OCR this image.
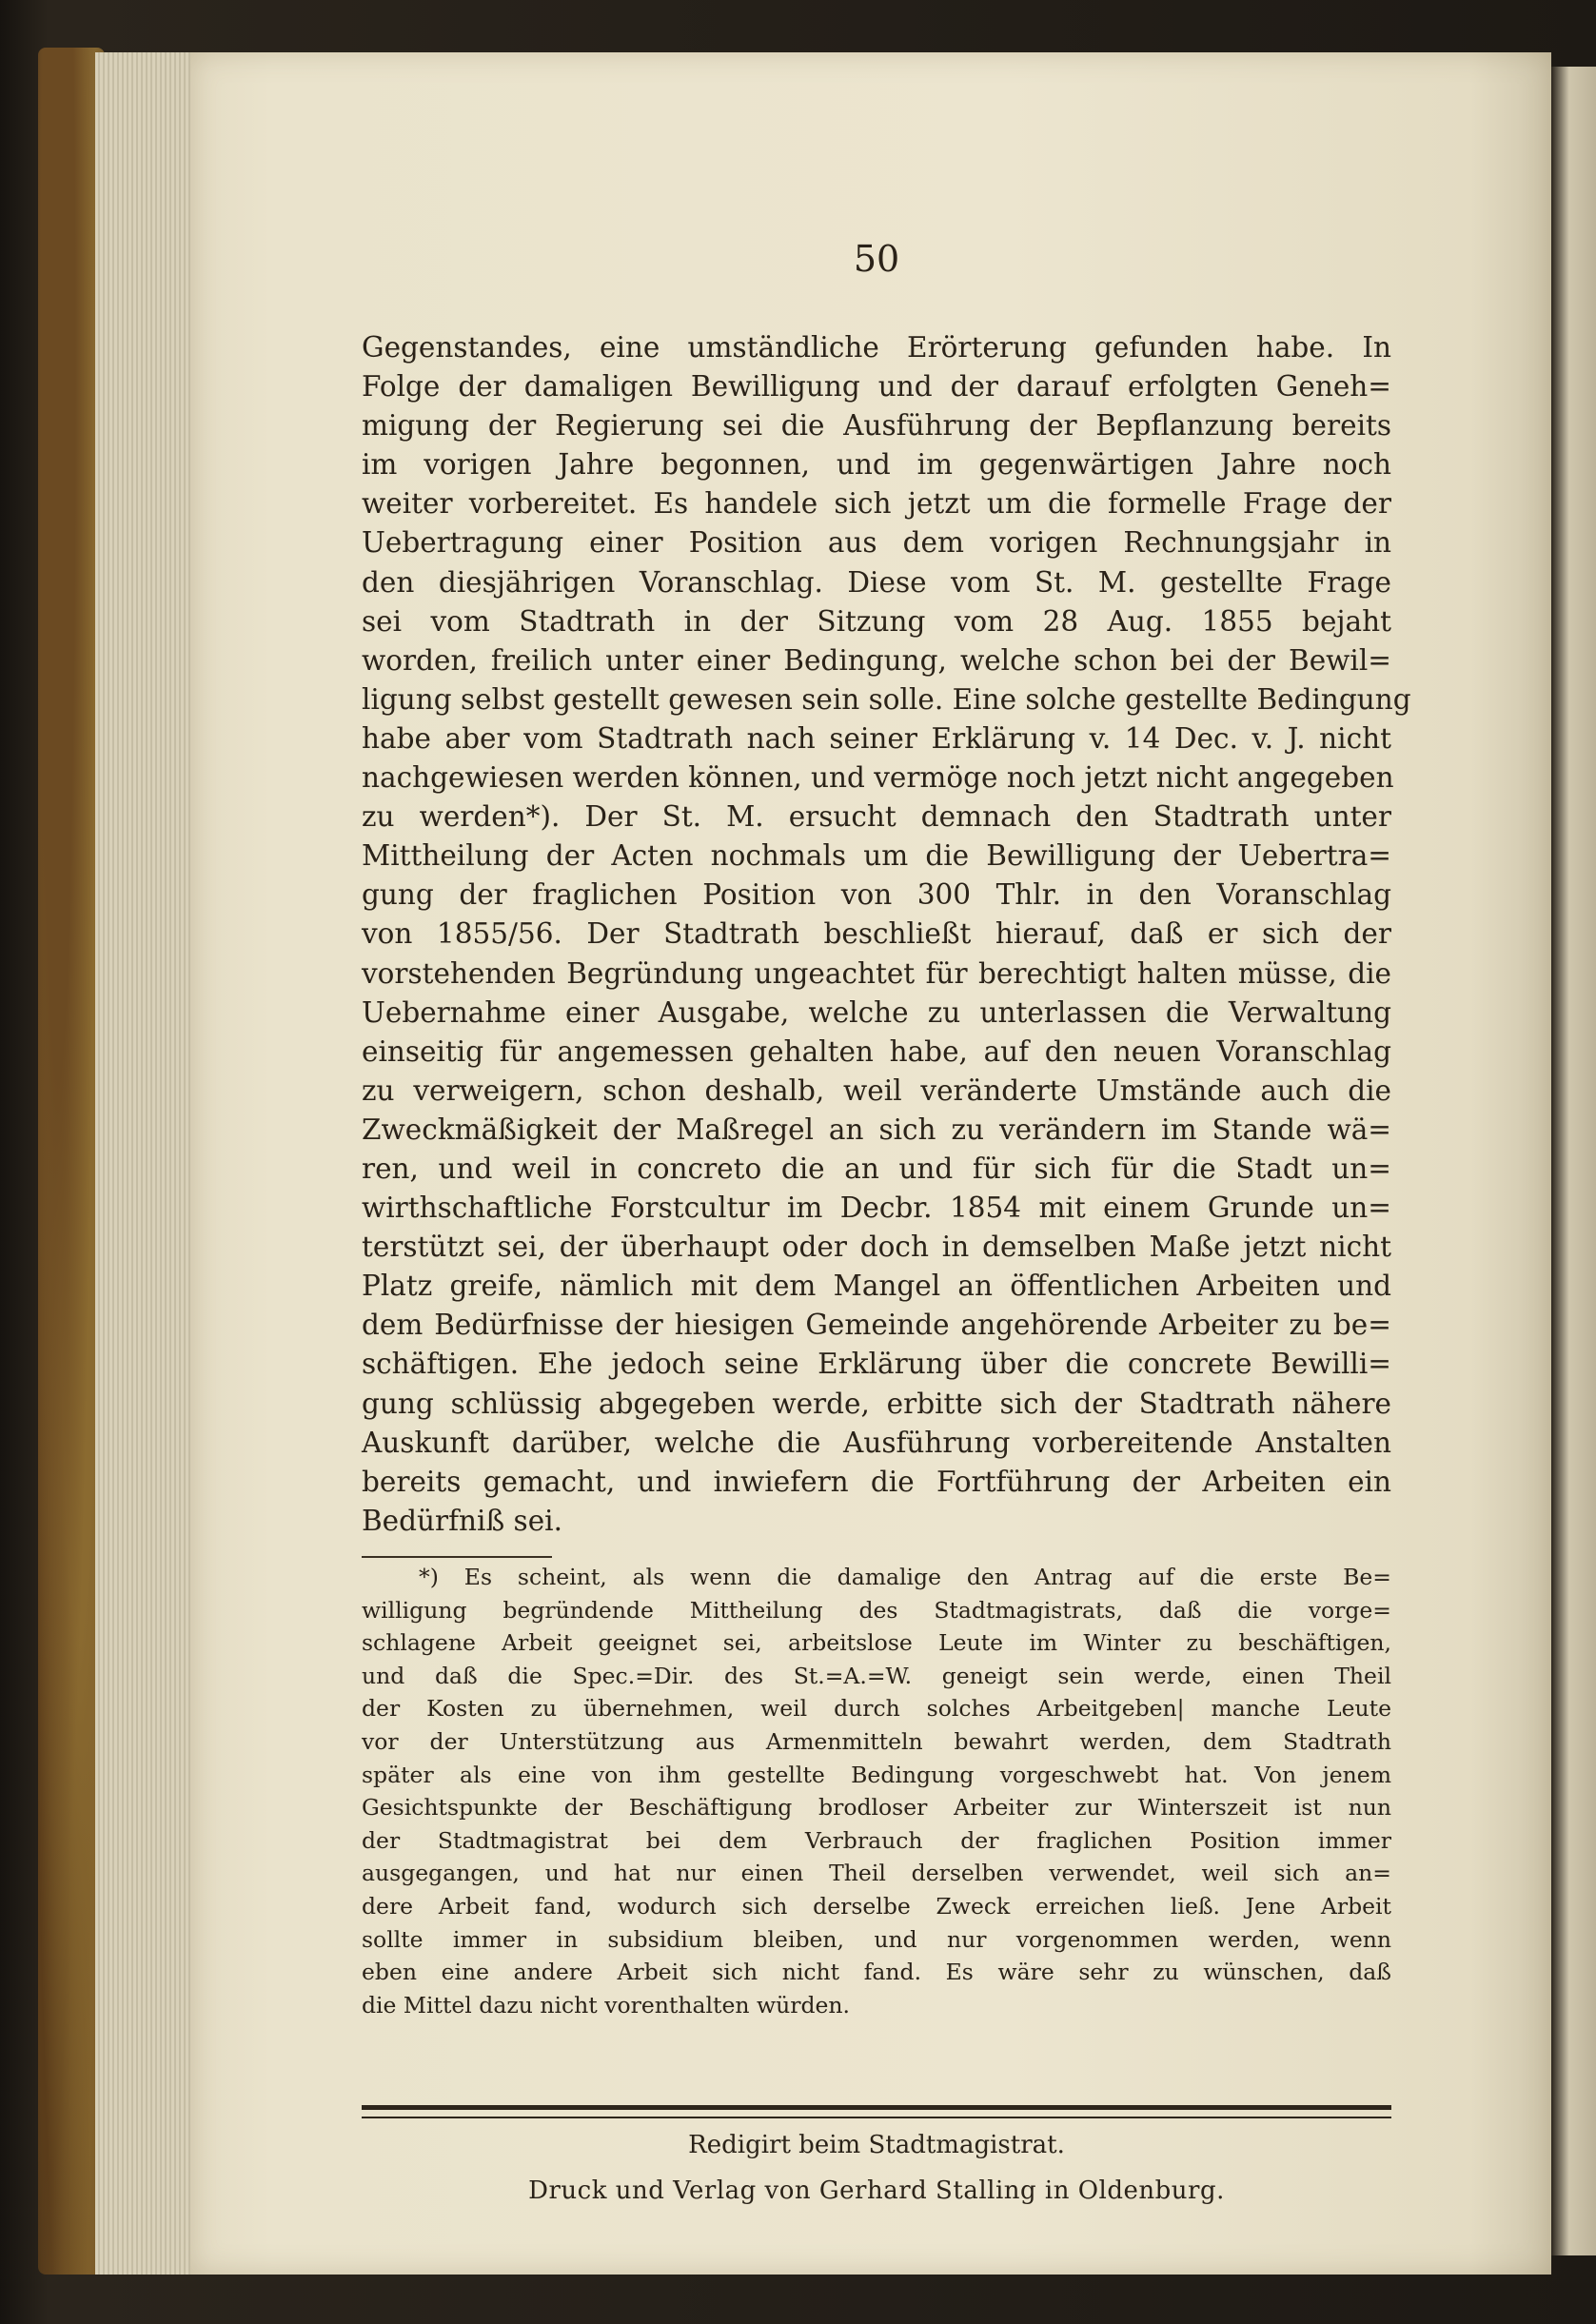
50
Gegenstandes, eine umständliche Erörterung gefunden habe. In
Folge der damaligen Bewilligung und der darauf erfolgten Geneh=
migung der Regierung sei die Ausführung der Bepflanzung bereits
im vorigen Jahre begonnen, und im gegenwärtigen Jahre noch
weiter vorbereitet. Es handele sich jetzt um die formelle Frage der
Uebertragung einer Position aus dem vorigen Rechnungsjahr in
den diesjährigen Voranschlag. Diese vom St. M. gestellte Frage
sei vom Stadtrath in der Sitzung vom 28 Aug. 1855 bejaht
worden, freilich unter einer Bedingung, welche schon bei der Bewil=
ligung selbst gestellt gewesen sein solle. Eine solche gestellte Bedingung
habe aber vom Stadtrath nach seiner Erklärung v. 14 Dec. v. J. nicht
nachgewiesen werden können, und vermöge noch jetzt nicht angegeben
zu werden*). Der St. M. ersucht demnach den Stadtrath unter
Mittheilung der Acten nochmals um die Bewilligung der Uebertra=
gung der fraglichen Position von 300 Thlr. in den Voranschlag
von 1855/56. Der Stadtrath beschließt hierauf, daß er sich der
vorstehenden Begründung ungeachtet für berechtigt halten müsse, die
Uebernahme einer Ausgabe, welche zu unterlassen die Verwaltung
einseitig für angemessen gehalten habe, auf den neuen Voranschlag
zu verweigern, schon deshalb, weil veränderte Umstände auch die
Zweckmäßigkeit der Maßregel an sich zu verändern im Stande wä=
ren, und weil in concreto die an und für sich für die Stadt un=
wirthschaftliche Forstcultur im Decbr. 1854 mit einem Grunde un=
terstützt sei, der überhaupt oder doch in demselben Maße jetzt nicht
Platz greife, nämlich mit dem Mangel an öffentlichen Arbeiten und
dem Bedürfnisse der hiesigen Gemeinde angehörende Arbeiter zu be=
schäftigen. Ehe jedoch seine Erklärung über die concrete Bewilli=
gung schlüssig abgegeben werde, erbitte sich der Stadtrath nähere
Auskunft darüber, welche die Ausführung vorbereitende Anstalten
bereits gemacht, und inwiefern die Fortführung der Arbeiten ein
Bedürfniß sei.
*) Es scheint, als wenn die damalige den Antrag auf die erste Be=
willigung begründende Mittheilung des Stadtmagistrats, daß die vorge=
schlagene Arbeit geeignet sei, arbeitslose Leute im Winter zu beschäftigen,
und daß die Spec.=Dir. des St.=A.=W. geneigt sein werde, einen Theil
der Kosten zu übernehmen, weil durch solches Arbeitgeben| manche Leute
vor der Unterstützung aus Armenmitteln bewahrt werden, dem Stadtrath
später als eine von ihm gestellte Bedingung vorgeschwebt hat. Von jenem
Gesichtspunkte der Beschäftigung brodloser Arbeiter zur Winterszeit ist nun
der Stadtmagistrat bei dem Verbrauch der fraglichen Position immer
ausgegangen, und hat nur einen Theil derselben verwendet, weil sich an=
dere Arbeit fand, wodurch sich derselbe Zweck erreichen ließ. Jene Arbeit
sollte immer in subsidium bleiben, und nur vorgenommen werden, wenn
eben eine andere Arbeit sich nicht fand. Es wäre sehr zu wünschen, daß
die Mittel dazu nicht vorenthalten würden.
Redigirt beim Stadtmagistrat.
Druck und Verlag von Gerhard Stalling in Oldenburg.
